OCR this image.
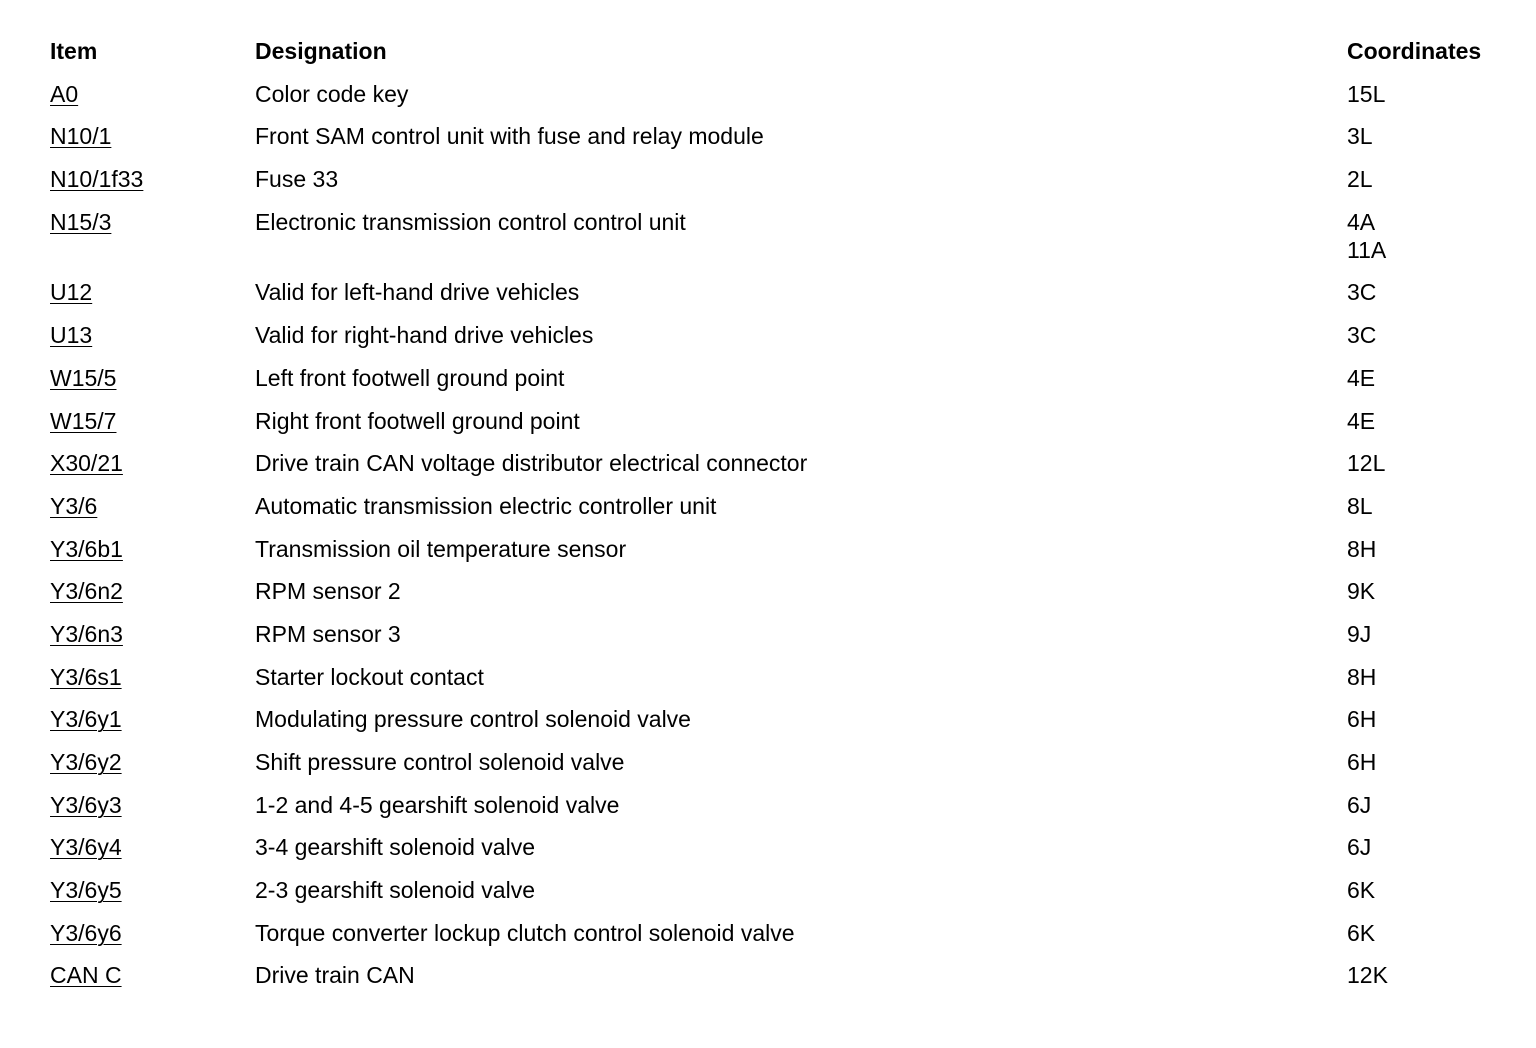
Item	Designation	Coordinates
A0	Color code key	15L
N10/1	Front SAM control unit with fuse and relay module	3L
N10/1f33	Fuse 33	2L
N15/3	Electronic transmission control control unit	4A
11A
U12	Valid for left-hand drive vehicles	3C
U13	Valid for right-hand drive vehicles	3C
W15/5	Left front footwell ground point	4E
W15/7	Right front footwell ground point	4E
X30/21	Drive train CAN voltage distributor electrical connector	12L
Y3/6	Automatic transmission electric controller unit	8L
Y3/6b1	Transmission oil temperature sensor	8H
Y3/6n2	RPM sensor 2	9K
Y3/6n3	RPM sensor 3	9J
Y3/6s1	Starter lockout contact	8H
Y3/6y1	Modulating pressure control solenoid valve	6H
Y3/6y2	Shift pressure control solenoid valve	6H
Y3/6y3	1-2 and 4-5 gearshift solenoid valve	6J
Y3/6y4	3-4 gearshift solenoid valve	6J
Y3/6y5	2-3 gearshift solenoid valve	6K
Y3/6y6	Torque converter lockup clutch control solenoid valve	6K
CAN C	Drive train CAN	12K
